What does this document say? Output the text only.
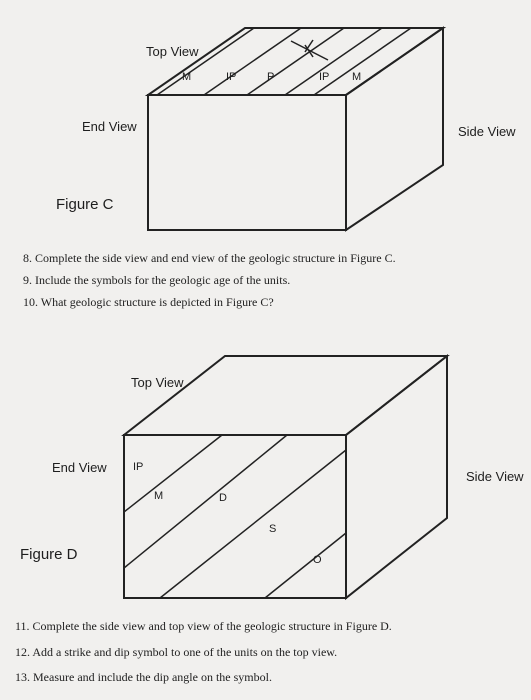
Top View
End View	Side View
Figure C
M	IP	P	IP M
8. Complete the side view and end view of the geologic structure in Figure C.
9. Include the symbols for the geologic age of the units.
10. What geologic structure is depicted in Figure C?
Top View
End View
Side View
Figure D
IP
M	D
S
O
11. Complete the side view and top view of the geologic structure in Figure D.
12. Add a strike and dip symbol to one of the units on the top view.
13. Measure and include the dip angle on the symbol.
